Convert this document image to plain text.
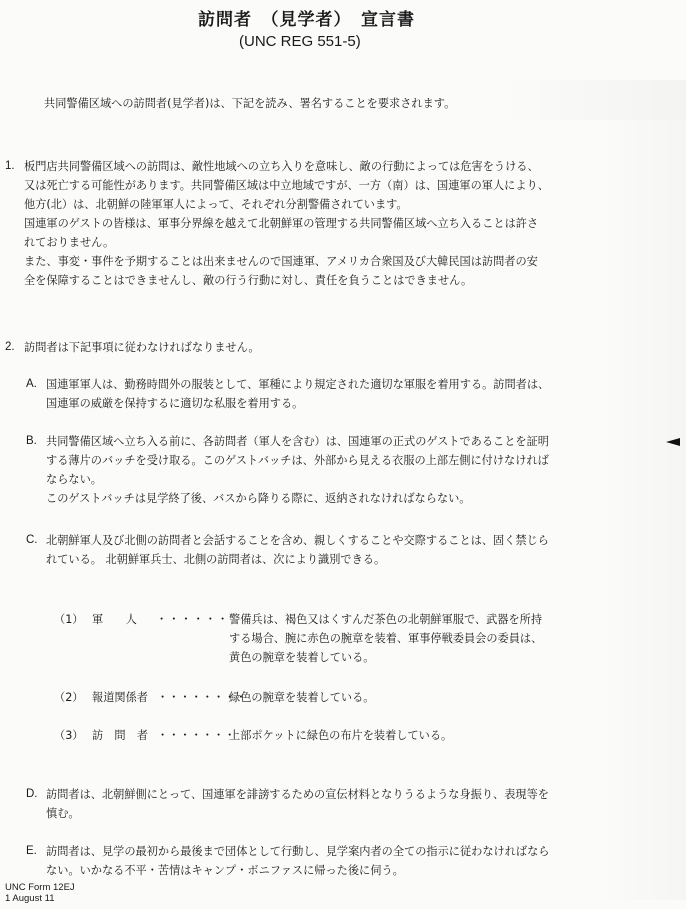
訪問者　（見学者）　宣言書
(UNC REG 551-5)
共同警備区域への訪問者(見学者)は、下記を読み、署名することを要求されます。
1. 板門店共同警備区域への訪問は、敵性地域への立ち入りを意味し、敵の行動によっては危害をうける、
又は死亡する可能性があります。共同警備区域は中立地域ですが、一方（南）は、国連軍の軍人により、
他方(北）は、北朝鮮の陸軍軍人によって、それぞれ分割警備されています。
国連軍のゲストの皆様は、軍事分界線を越えて北朝鮮軍の管理する共同警備区域へ立ち入ることは許さ
れておりません。
また、事変・事件を予期することは出来ませんので国連軍、アメリカ合衆国及び大韓民国は訪問者の安
全を保障することはできませんし、敵の行う行動に対し、責任を負うことはできません。
2. 訪問者は下記事項に従わなければなりません。
A. 国連軍軍人は、勤務時間外の服装として、軍種により規定された適切な軍服を着用する。訪問者は、
国連軍の威厳を保持するに適切な私服を着用する。
B. 共同警備区域へ立ち入る前に、各訪問者（軍人を含む）は、国連軍の正式のゲストであることを証明
する薄片のバッチを受け取る。このゲストバッチは、外部から見える衣服の上部左側に付けなければ
ならない。
このゲストバッチは見学終了後、バスから降りる際に、返納されなければならない。
C. 北朝鮮軍人及び北側の訪問者と会話することを含め、親しくすることや交際することは、固く禁じら
れている。 北朝鮮軍兵士、北側の訪問者は、次により識別できる。
（1） 軍　　人 ・・・・・・ 警備兵は、褐色又はくすんだ茶色の北朝鮮軍服で、武器を所持
する場合、腕に赤色の腕章を装着、軍事停戦委員会の委員は、
黄色の腕章を装着している。
（2） 報道関係者 ・・・・・・・・
緑色の腕章を装着している。
（3） 訪　問　者 ・・・・・・・
上部ポケットに緑色の布片を装着している。
D. 訪問者は、北朝鮮側にとって、国連軍を誹謗するための宣伝材料となりうるような身振り、表現等を
慎む。
E. 訪問者は、見学の最初から最後まで団体として行動し、見学案内者の全ての指示に従わなければなら
ない。いかなる不平・苦情はキャンプ・ボニファスに帰った後に伺う。
UNC Form 12EJ
1 August 11
